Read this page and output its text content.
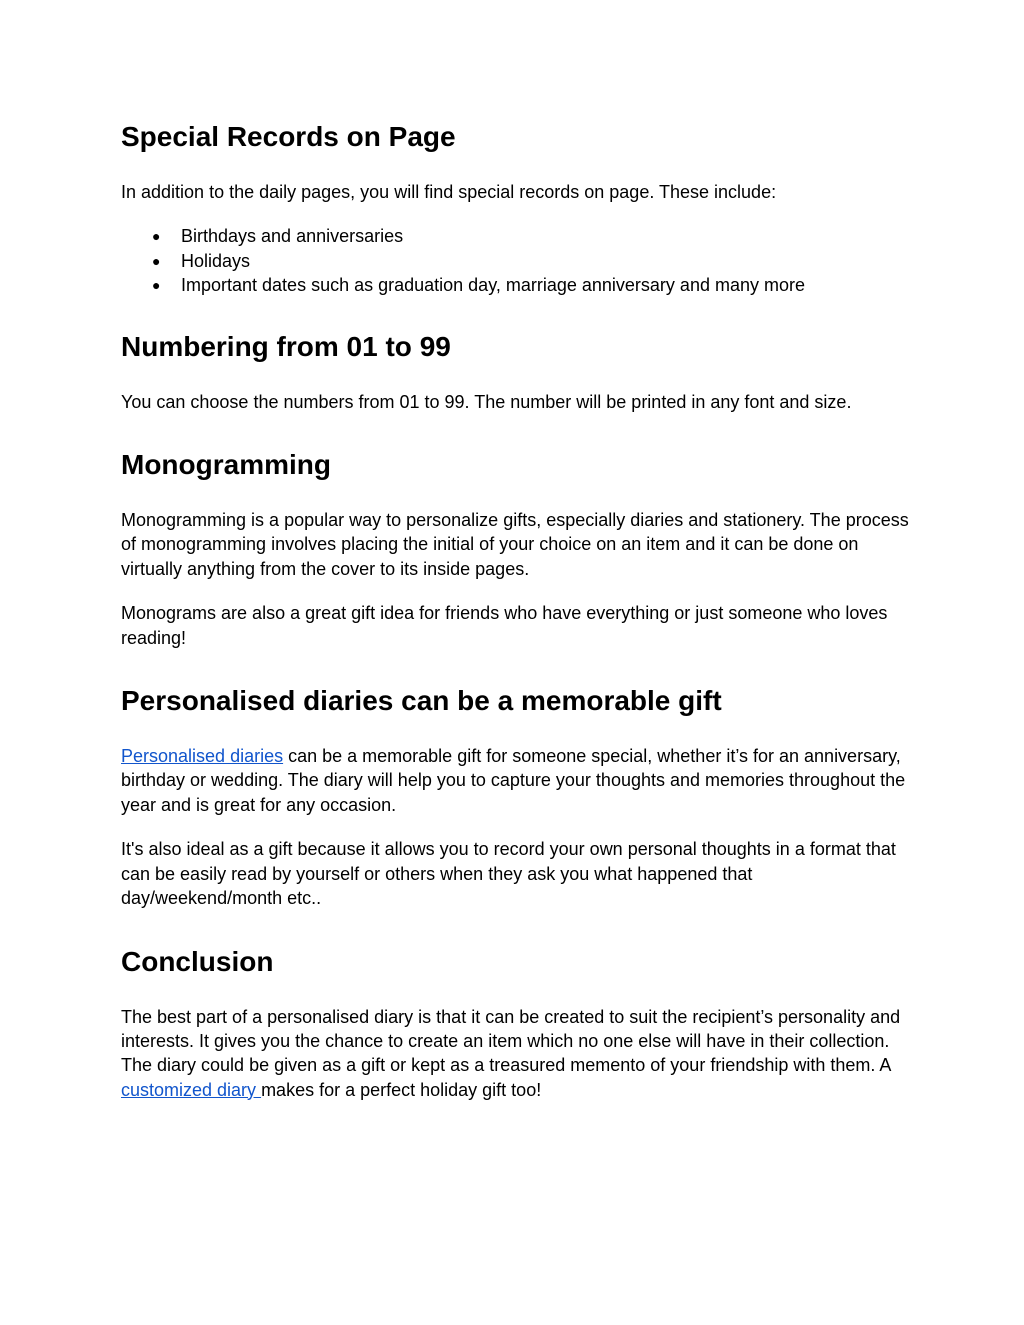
Special Records on Page

In addition to the daily pages, you will find special records on page. These include:

● Birthdays and anniversaries
● Holidays
● Important dates such as graduation day, marriage anniversary and many more
Numbering from 01 to 99

You can choose the numbers from 01 to 99. The number will be printed in any font and size.

Monogramming

Monogramming is a popular way to personalize gifts, especially diaries and stationery. The process of monogramming involves placing the initial of your choice on an item and it can be done on virtually anything from the cover to its inside pages.

Monograms are also a great gift idea for friends who have everything or just someone who loves reading!

Personalised diaries can be a memorable gift

Personalised diaries can be a memorable gift for someone special, whether it’s for an anniversary, birthday or wedding. The diary will help you to capture your thoughts and memories throughout the year and is great for any occasion.

It's also ideal as a gift because it allows you to record your own personal thoughts in a format that can be easily read by yourself or others when they ask you what happened that day/weekend/month etc..

Conclusion

The best part of a personalised diary is that it can be created to suit the recipient’s personality and interests. It gives you the chance to create an item which no one else will have in their collection. The diary could be given as a gift or kept as a treasured memento of your friendship with them. A customized diary makes for a perfect holiday gift too!
